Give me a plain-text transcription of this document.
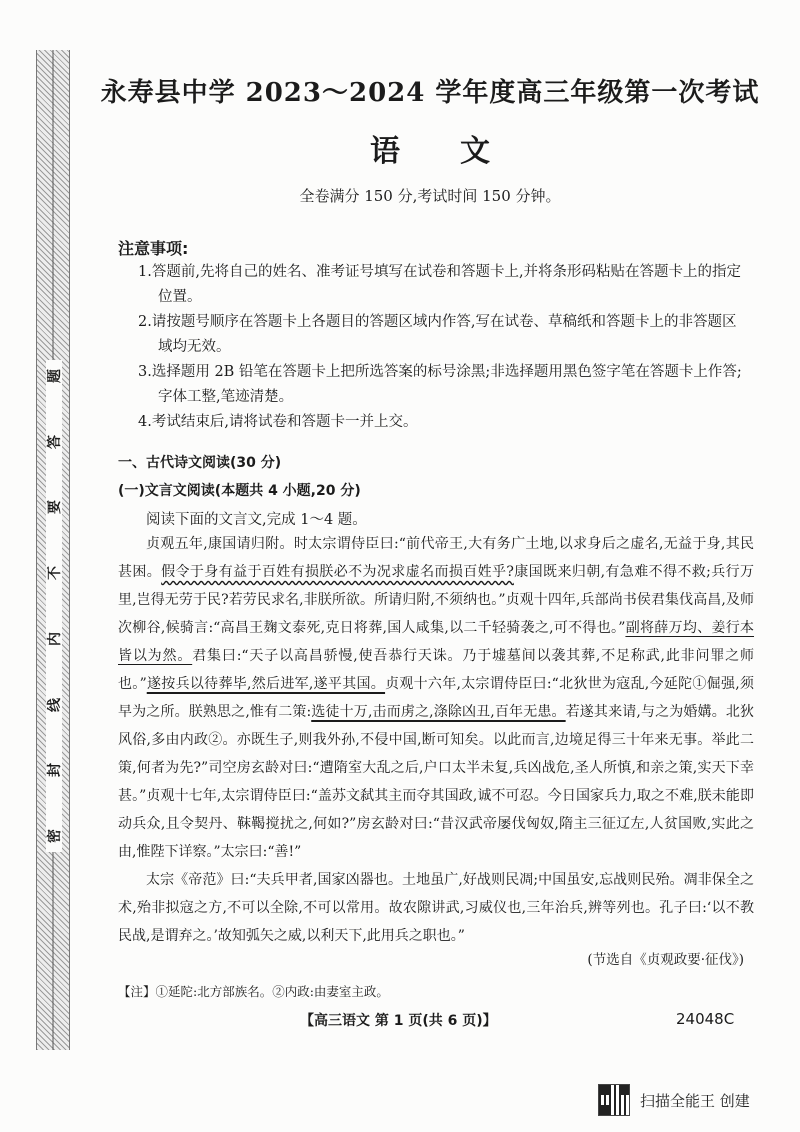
题
答
要
不
内
线
封
密
永寿县中学 2023～2024 学年度高三年级第一次考试
语文
全卷满分 150 分,考试时间 150 分钟。
注意事项:
1.答题前,先将自己的姓名、准考证号填写在试卷和答题卡上,并将条形码粘贴在答题卡上的指定位置。
2.请按题号顺序在答题卡上各题目的答题区域内作答,写在试卷、草稿纸和答题卡上的非答题区域均无效。
3.选择题用 2B 铅笔在答题卡上把所选答案的标号涂黑;非选择题用黑色签字笔在答题卡上作答;字体工整,笔迹清楚。
4.考试结束后,请将试卷和答题卡一并上交。
一、古代诗文阅读(30 分)
(一)文言文阅读(本题共 4 小题,20 分)
阅读下面的文言文,完成 1～4 题。

贞观五年,康国请归附。时太宗谓侍臣曰:“前代帝王,大有务广土地,以求身后之虚名,无益于身,其民甚困。假令于身有益于百姓有损朕必不为况求虚名而损百姓乎?康国既来归朝,有急难不得不救;兵行万里,岂得无劳于民?若劳民求名,非朕所欲。所请归附,不须纳也。”贞观十四年,兵部尚书侯君集伐高昌,及师次柳谷,候骑言:“高昌王麹文泰死,克日将葬,国人咸集,以二千轻骑袭之,可不得也。”副将薛万均、姜行本皆以为然。君集曰:“天子以高昌骄慢,使吾恭行天诛。乃于墟墓间以袭其葬,不足称武,此非问罪之师也。”遂按兵以待葬毕,然后进军,遂平其国。贞观十六年,太宗谓侍臣曰:“北狄世为寇乱,今延陀①倔强,须早为之所。朕熟思之,惟有二策:选徒十万,击而虏之,涤除凶丑,百年无患。若遂其来请,与之为婚媾。北狄风俗,多由内政②。亦既生子,则我外孙,不侵中国,断可知矣。以此而言,边境足得三十年来无事。举此二策,何者为先?”司空房玄龄对曰:“遭隋室大乱之后,户口太半未复,兵凶战危,圣人所慎,和亲之策,实天下幸甚。”贞观十七年,太宗谓侍臣曰:“盖苏文弑其主而夺其国政,诚不可忍。今日国家兵力,取之不难,朕未能即动兵众,且令契丹、靺鞨搅扰之,何如?”房玄龄对曰:“昔汉武帝屡伐匈奴,隋主三征辽左,人贫国败,实此之由,惟陛下详察。”太宗曰:“善!”

太宗《帝范》曰:“夫兵甲者,国家凶器也。土地虽广,好战则民凋;中国虽安,忘战则民殆。凋非保全之术,殆非拟寇之方,不可以全除,不可以常用。故农隙讲武,习威仪也,三年治兵,辨等列也。孔子曰:‘以不教民战,是谓弃之。’故知弧矢之威,以利天下,此用兵之职也。”

(节选自《贞观政要·征伐》)
【注】①延陀:北方部族名。②内政:由妻室主政。
【高三语文 第 1 页(共 6 页)】	24048C
扫描全能王 创建
